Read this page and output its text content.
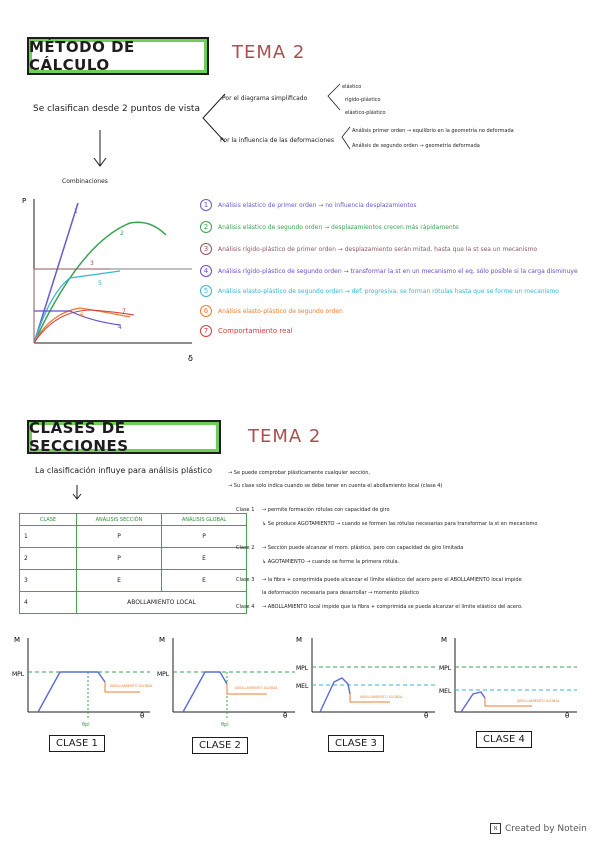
MÉTODO DE CÁLCULO
TEMA 2
Se clasifican desde 2 puntos de vista
Por el diagrama simplificado
elástico
rígido-plástico
elástico-plástico
Por la influencia de las deformaciones
Análisis primer orden → equilibrio en la geometría no deformada
Análisis de segundo orden → geometría deformada
Combinaciones
P
δ
1
2
3
5
6
7
4
1	Análisis elástico de primer orden → no influencia desplazamientos
2	Análisis elástico de segundo orden → desplazamientos crecen más rápidamente
3	Análisis rígido-plástico de primer orden → desplazamiento serán mitad, hasta que la st sea un mecanismo
4	Análisis rígido-plástico de segundo orden → transformar la st en un mecanismo el eq. sólo posible si la carga disminuye
5	Análisis elasto-plástico de segundo orden → def. progresiva. se forman rótulas hasta que se forme un mecanismo
6	Análisis elasto-plástico de segundo orden
7	Comportamiento real
CLASES DE SECCIONES	TEMA 2
La clasificación influye para análisis plástico	→ Se puede comprobar plásticamente cualquier sección,
→ Su clase solo indica cuando se debe tener en cuenta el abollamiento local (clase 4)
CLASE	ANÁLISIS SECCIÓN	ANÁLISIS GLOBAL
1	P	P
2	P	E
3	E	E
4	ABOLLAMIENTO LOCAL	
Clase 1 → permite formación rótulas con capacidad de giro
↳ Se produce AGOTAMIENTO → cuando se formen las rótulas necesarias para transformar la st en mecanismo
Clase 2 → Sección puede alcanzar el mom. plástico, pero con capacidad de giro limitada
↳ AGOTAMIENTO → cuando se forme la primera rótula.
Clase 3 → la fibra + comprimida puede alcanzar el límite elástico del acero pero el ABOLLAMIENTO local impide
la deformación necesaria para desarrollar → momento plástico
Clase 4 → ABOLLAMIENTO local impide que la fibra + comprimida se pueda alcanzar el límite elástico del acero.
M
MPL
θ
θpl
ABOLLAMIENTO GLOBAL
CLASE 1
M
MPL
θ
θpl
ABOLLAMIENTO GLOBAL
CLASE 2
M
MPL
MEL
θ
ABOLLAMIENTO GLOBAL
CLASE 3
M
MPL
MEL
θ
ABOLLAMIENTO GLOBAL
CLASE 4
N Created by Notein
